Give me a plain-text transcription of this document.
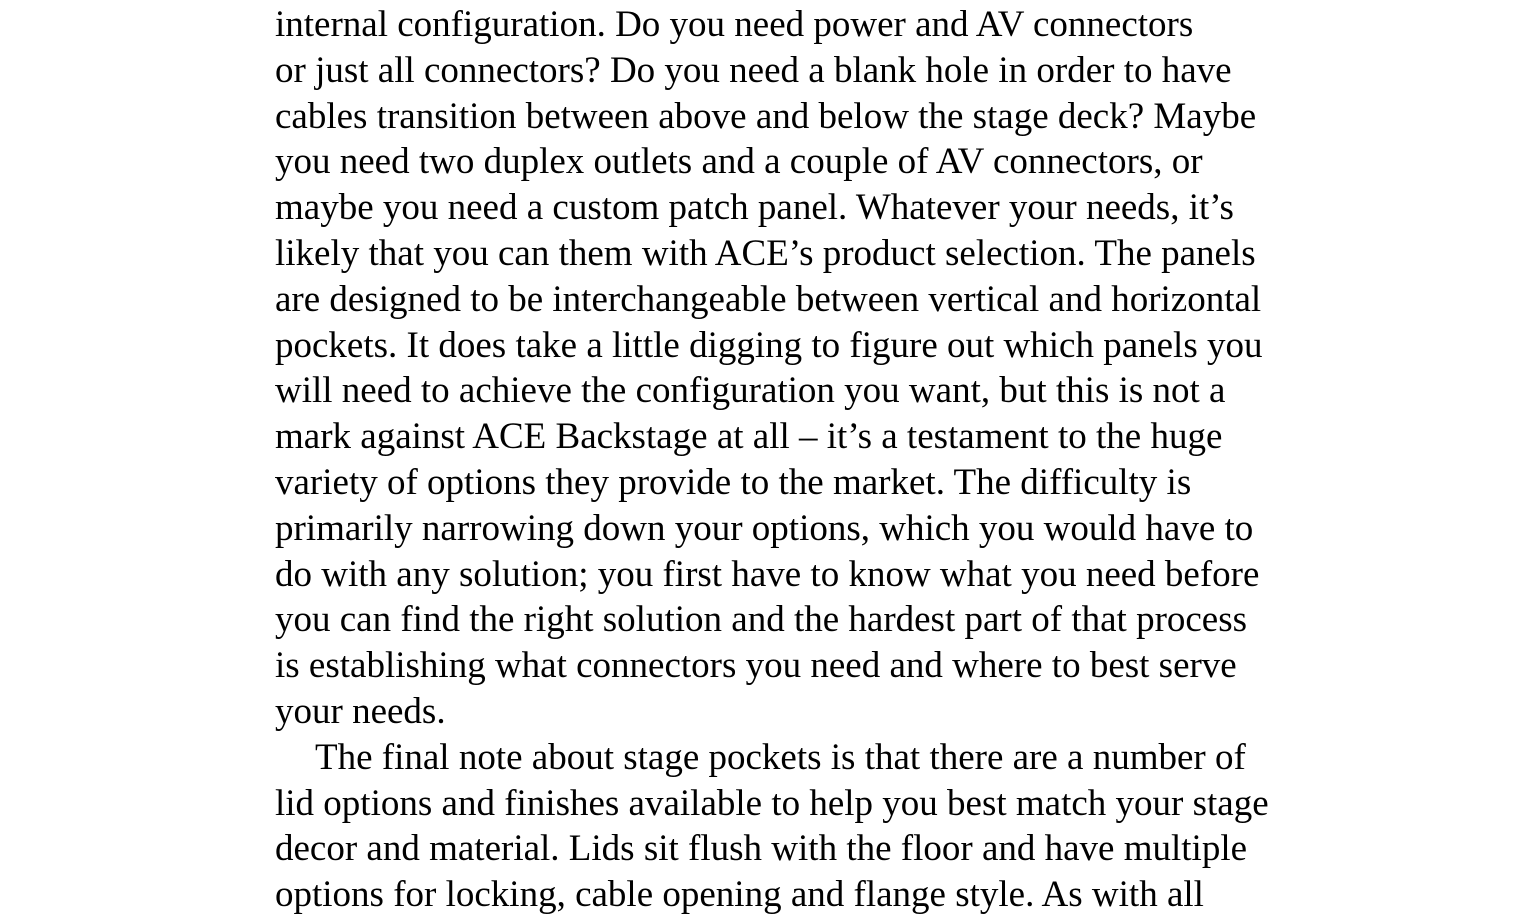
internal configuration. Do you need power and AV connectors
or just all connectors? Do you need a blank hole in order to have
cables transition between above and below the stage deck? Maybe
you need two duplex outlets and a couple of AV connectors, or
maybe you need a custom patch panel. Whatever your needs, it’s
likely that you can them with ACE’s product selection. The panels
are designed to be interchangeable between vertical and horizontal
pockets. It does take a little digging to figure out which panels you
will need to achieve the configuration you want, but this is not a
mark against ACE Backstage at all – it’s a testament to the huge
variety of options they provide to the market. The difficulty is
primarily narrowing down your options, which you would have to
do with any solution; you first have to know what you need before
you can find the right solution and the hardest part of that process
is establishing what connectors you need and where to best serve
your needs.
The final note about stage pockets is that there are a number of
lid options and finishes available to help you best match your stage
decor and material. Lids sit flush with the floor and have multiple
options for locking, cable opening and flange style. As with all
